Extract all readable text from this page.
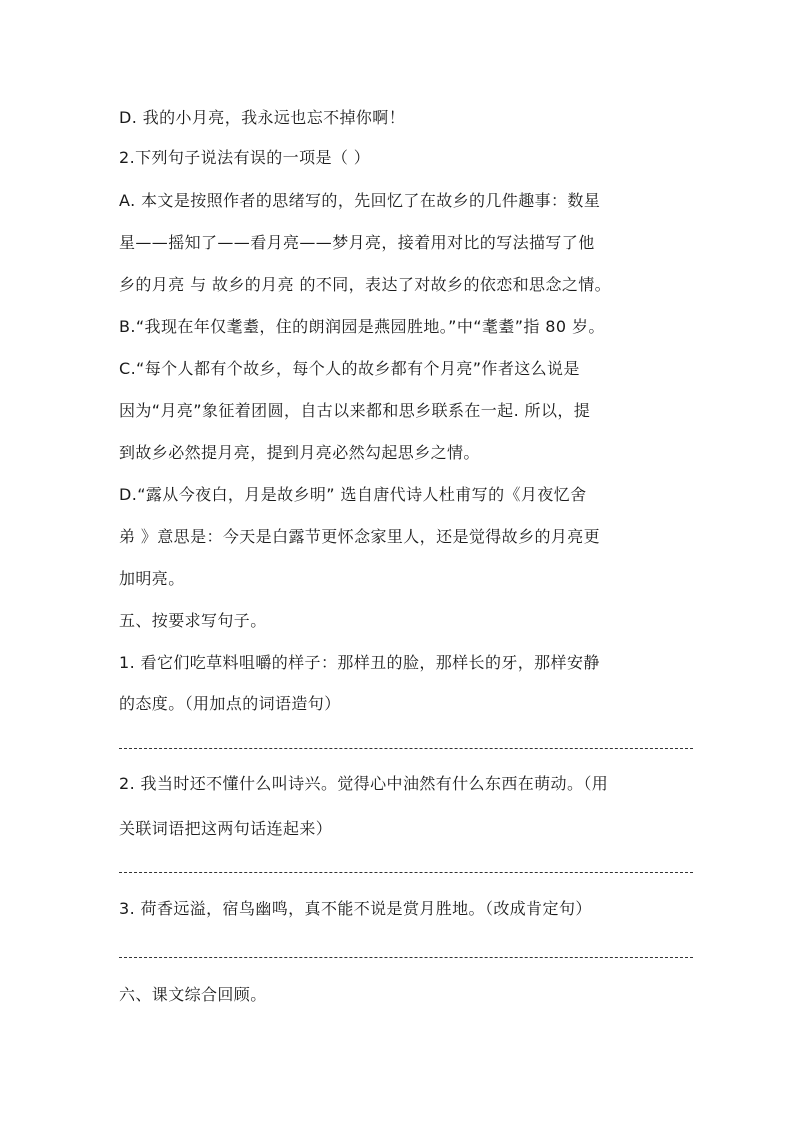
D. 我的小月亮，我永远也忘不掉你啊！
2.下列句子说法有误的一项是（ ）
A. 本文是按照作者的思绪写的，先回忆了在故乡的几件趣事：数星
星——摇知了——看月亮——梦月亮，接着用对比的写法描写了他
乡的月亮 与 故乡的月亮 的不同，表达了对故乡的依恋和思念之情。
B.“我现在年仅耄耋，住的朗润园是燕园胜地。”中“耄耋”指 80 岁。
C.“每个人都有个故乡，每个人的故乡都有个月亮”作者这么说是
因为“月亮”象征着团圆，自古以来都和思乡联系在一起. 所以，提
到故乡必然提月亮，提到月亮必然勾起思乡之情。
D.“露从今夜白，月是故乡明” 选自唐代诗人杜甫写的《月夜忆舍
弟 》意思是：今天是白露节更怀念家里人，还是觉得故乡的月亮更
加明亮。
五、按要求写句子。
1. 看它们吃草料咀嚼的样子：那样丑的脸，那样长的牙，那样安静
的态度。（用加点的词语造句）
2. 我当时还不懂什么叫诗兴。觉得心中油然有什么东西在萌动。（用
关联词语把这两句话连起来）
3. 荷香远溢，宿鸟幽鸣，真不能不说是赏月胜地。（改成肯定句）
六、课文综合回顾。
